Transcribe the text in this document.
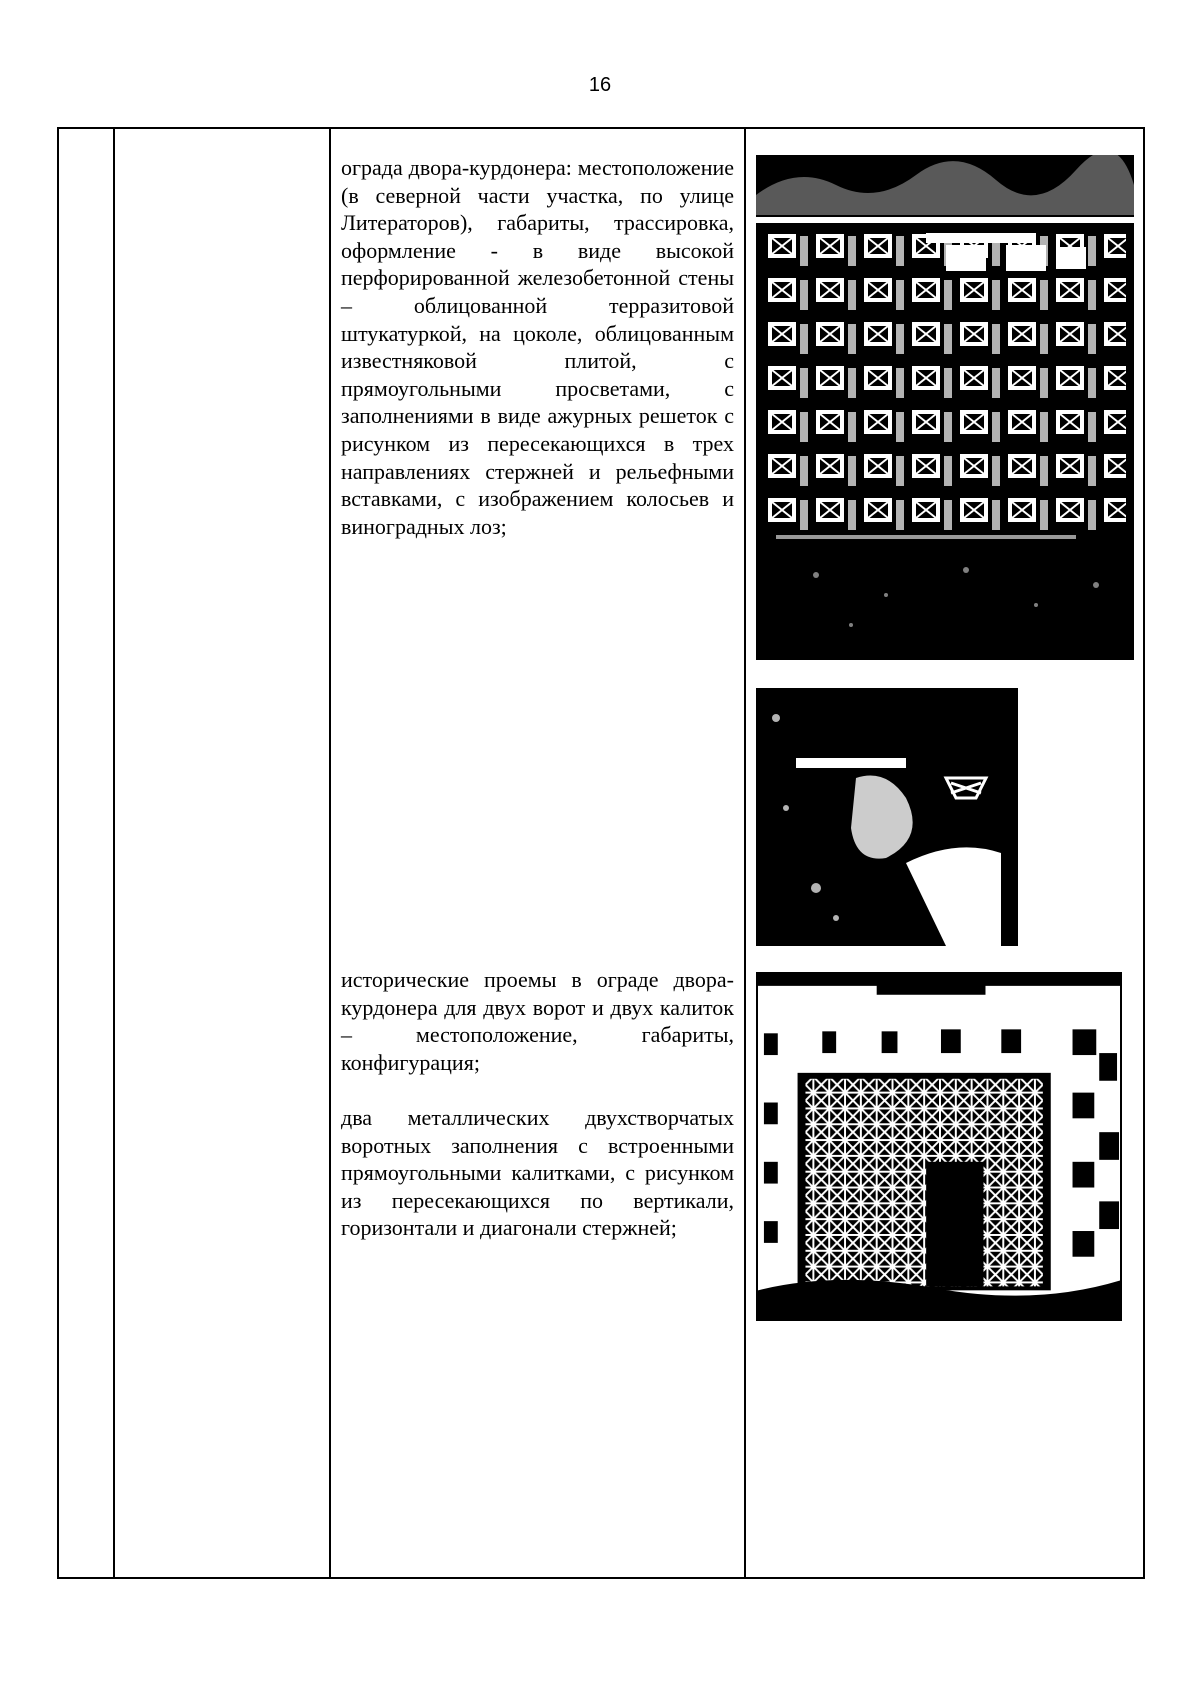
16
ограда двора-курдонера: местоположение (в северной части участка, по улице Литераторов), габариты, трассировка, оформление - в виде высокой перфорированной железобетонной стены – облицованной терразитовой штукатуркой, на цоколе, облицованным известняковой плитой, с прямоугольными просветами, с заполнениями в виде ажурных решеток с рисунком из пересекающихся в трех направлениях стержней и рельефными вставками, с изображением колосьев и виноградных лоз;
исторические проемы в ограде двора-курдонера для двух ворот и двух калиток – местоположение, габариты, конфигурация;
два металлических двухстворчатых воротных заполнения с встроенными прямоугольными калитками, с рисунком из пересекающихся по вертикали, горизонтали и диагонали стержней;
